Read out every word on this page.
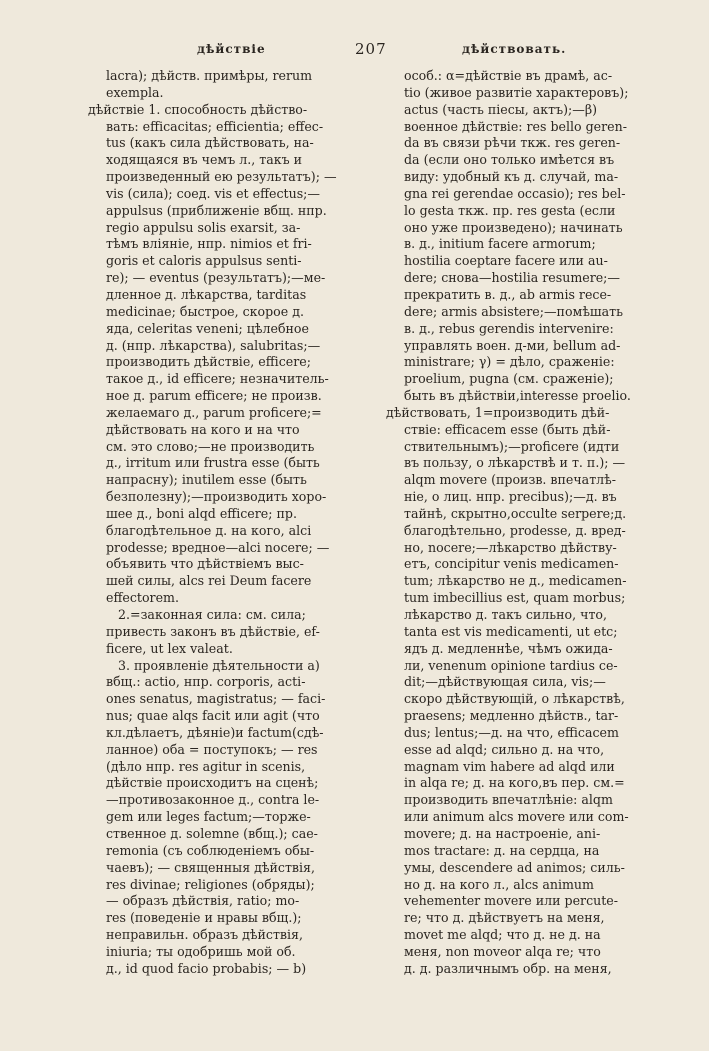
дѣйствіе	207	дѣйствовать.
lacra); дѣйств. примѣры, rerum
exempla.
дѣйствіе 1. способность дѣйство-
вать: efficacitas; efficientia; effec-
tus (какъ сила дѣйствовать, на-
ходящаяся въ чемъ л., такъ и
произведенный ею результатъ); —
vis (сила); соед. vis et effectus;—
appulsus (приближеніе вбщ. нпр.
regio appulsu solis exarsit, за-
тѣмъ вліяніе, нпр. nimios et fri-
goris et caloris appulsus senti-
re); — eventus (результатъ);—мe-
дленное д. лѣкарства, tarditas
medicinae; быстрое, скорое д.
яда, celeritas veneni; цѣлебное
д. (нпр. лѣкарства), salubritas;—
производить дѣйствіе, efficere;
такое д., id efficere; незначитель-
ное д. parum efficere; не произв.
желаемаго д., parum proficere;=
дѣйствовать на кого и на что
см. это слово;—не производить
д., irritum или frustra esse (быть
напрасну); inutilem esse (быть
безполезну);—производить хоро-
шее д., boni alqd efficere; пр.
благодѣтельное д. на кого, alci
prodesse; вредное—alci nocere; —
объявить что дѣйствіемъ выс-
шей силы, alcs rei Deum facere
effectorem.
2.=законная сила: см. сила;
привесть законъ въ дѣйствіе, ef-
ficere, ut lex valeat.
3. проявленіе дѣятельности а)
вбщ.: actio, нпр. corporis, acti-
ones senatus, magistratus; — faci-
nus; quae alqs facit или agit (что
кл.дѣлаетъ, дѣяніе)и factum(сдѣ-
ланное) оба = поступокъ; — res
(дѣло нпр. res agitur in scenis,
дѣйствіе происходитъ на сценѣ;
—противозаконное д., contra le-
gem или leges factum;—торже-
ственное д. solemne (вбщ.); cae-
remonia (съ соблюденіемъ обы-
чаевъ); — священныя дѣйствія,
res divinae; religiones (обряды);
— образъ дѣйствія, ratio; mo-
res (поведеніе и нравы вбщ.);
неправильн. образъ дѣйствія,
iniuria; ты одобришь мой об.
д., id quod facio probabis; — b)
особ.: α=дѣйствіе въ драмѣ, ac-
tio (живое развитіе характеровъ);
actus (часть піесы, актъ);—β)
военное дѣйствіе: res bello geren-
da въ связи рѣчи ткж. res geren-
da (если оно только имѣется въ
виду: удобный къ д. случай, ma-
gna rei gerendae occasio); res bel-
lo gesta ткж. пр. res gesta (если
оно уже произведено); начинать
в. д., initium facere armorum;
hostilia coeptare facere или au-
dere; снова—hostilia resumere;—
прекратить в. д., ab armis rece-
dere; armis absistere;—помѣшать
в. д., rebus gerendis intervenire:
управлять воен. д-ми, bellum ad-
ministrare; γ) = дѣло, сраженіе:
proelium, pugna (см. сраженіе);
быть въ дѣйствіи,interesse proelio.
дѣйствовать, 1=производить дѣй-
ствіе: efficacem esse (быть дѣй-
ствительнымъ);—proficere (идти
въ пользу, о лѣкарствѣ и т. п.); —
alqm movere (произв. впечатлѣ-
ніе, о лиц. нпр. precibus);—д. въ
тайнѣ, скрытно,occulte serpere;д.
благодѣтельно, prodesse, д. вред-
но, nocere;—лѣкарство дѣйству-
етъ, concipitur venis medicamen-
tum; лѣкарство не д., medicamen-
tum imbecillius est, quam morbus;
лѣкарство д. такъ сильно, что,
tanta est vis medicamenti, ut etc;
ядъ д. медленнѣе, чѣмъ ожида-
ли, venenum opinione tardius ce-
dit;—дѣйствующая сила, vis;—
скоро дѣйствующій, о лѣкарствѣ,
praesens; медленно дѣйств., tar-
dus; lentus;—д. на что, efficacem
esse ad alqd; сильно д. на что,
magnam vim habere ad alqd или
in alqa re; д. на кого,въ пер. см.=
производить впечатлѣніе: alqm
или animum alcs movere или com-
movere; д. на настроеніе, ani-
mos tractare: д. на сердца, на
умы, descendere ad animos; силь-
но д. на кого л., alcs animum
vehementer movere или percute-
re; что д. дѣйствуетъ на меня,
movet me alqd; что д. не д. на
меня, non moveor alqa re; что
д. д. различнымъ обр. на меня,
